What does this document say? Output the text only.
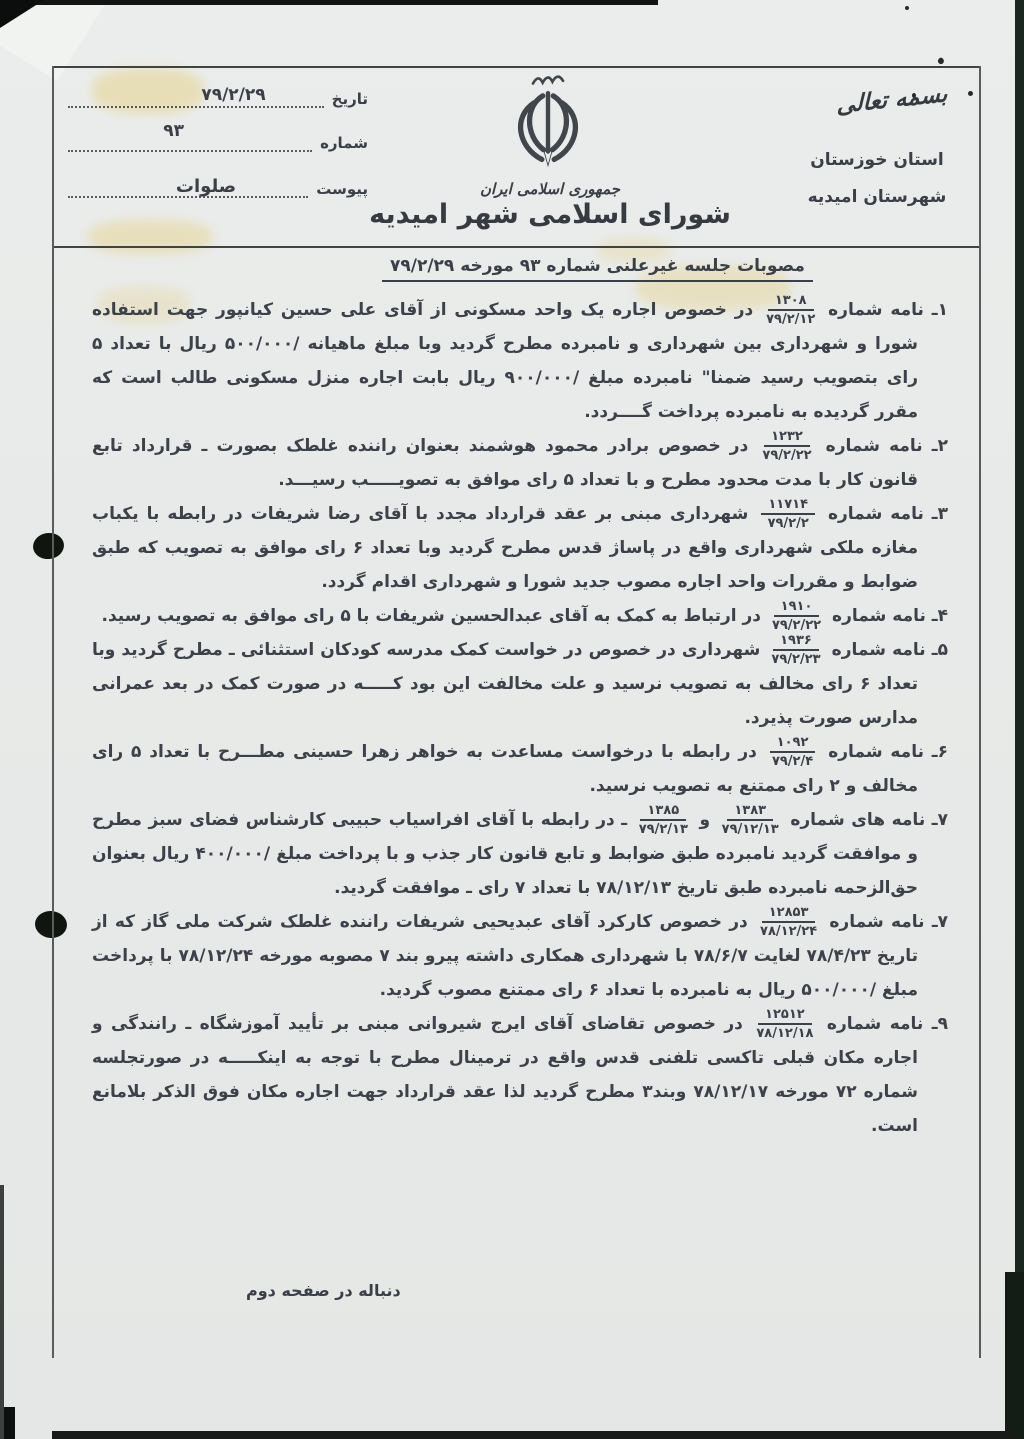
بسمه تعالی
استان خوزستان
شهرستان امیدیه
تاریخ
۷۹/۲/۲۹
شماره
۹۳
پیوست
صلوات	جمهوری اسلامی ایران
شورای اسلامی شهر امیدیه
مصوبات جلسه غیرعلنی شماره ۹۳ مورخه ۷۹/۲/۲۹
۱ـ نامه شماره
$\frac{۱۳۰۸}{۷۹/۲/۱۲}$
در خصوص اجاره یک واحد مسکونی از آقای علی حسین کیانپور جهت استفاده شورا و شهرداری بین شهرداری و نامبرده مطرح گردید وبا مبلغ ماهیانه /۵۰۰/۰۰۰ ریال با تعداد ۵ رای بتصویب رسید ضمنا" نامبرده مبلغ /۹۰۰/۰۰۰ ریال بابت اجاره منزل مسکونی طالب است که مقرر گردیده به نامبرده پرداخت گــــردد.
۲ـ نامه شماره
$\frac{۱۲۳۲}{۷۹/۲/۲۲}$
در خصوص برادر محمود هوشمند بعنوان راننده غلطک بصورت ـ قرارداد تابع قانون کار با مدت محدود مطرح و با تعداد ۵ رای موافق به تصویـــــب رسیـــد.
۳ـ نامه شماره
$\frac{۱۱۷۱۴}{۷۹/۲/۲}$
شهرداری مبنی بر عقد قرارداد مجدد با آقای رضا شریفات در رابطه با یکباب مغازه ملکی شهرداری واقع در پاساژ قدس مطرح گردید وبا تعداد ۶ رای موافق به تصویب که طبق ضوابط و مقررات واحد اجاره مصوب جدید شورا و شهرداری اقدام گردد.
۴ـ نامه شماره
$\frac{۱۹۱۰}{۷۹/۲/۲۲}$
در ارتباط به کمک به آقای عبدالحسین شریفات با ۵ رای موافق به تصویب رسید.
۵ـ نامه شماره
$\frac{۱۹۳۶}{۷۹/۲/۲۳}$
شهرداری در خصوص در خواست کمک مدرسه کودکان استثنائی ـ مطرح گردید وبا تعداد ۶ رای مخالف به تصویب نرسید و علت مخالفت این بود کـــــه در صورت کمک در بعد عمرانی مدارس صورت پذیرد.
۶ـ نامه شماره
$\frac{۱۰۹۲}{۷۹/۲/۴}$
در رابطه با درخواست مساعدت به خواهر زهرا حسینی مطـــرح با تعداد ۵ رای مخالف و ۲ رای ممتنع به تصویب نرسید.
۷ـ نامه های شماره
$\frac{۱۳۸۳}{۷۹/۱۲/۱۳}$
و
$\frac{۱۳۸۵}{۷۹/۲/۱۳}$
ـ در رابطه با آقای افراسیاب حبیبی کارشناس فضای سبز مطرح و موافقت گردید نامبرده طبق ضوابط و تابع قانون کار جذب و با پرداخت مبلغ /۴۰۰/۰۰۰ ریال بعنوان حق‌الزحمه نامبرده طبق تاریخ ۷۸/۱۲/۱۳ با تعداد ۷ رای ـ موافقت گردید.
۷ـ نامه شماره
$\frac{۱۲۸۵۳}{۷۸/۱۲/۲۴}$
در خصوص کارکرد آقای عبدیحیی شریفات راننده غلطک شرکت ملی گاز که از تاریخ ۷۸/۴/۲۳ لغایت ۷۸/۶/۷ با شهرداری همکاری داشته پیرو بند ۷ مصوبه مورخه ۷۸/۱۲/۲۴ با پرداخت مبلغ /۵۰۰/۰۰۰ ریال به نامبرده با تعداد ۶ رای ممتنع مصوب گردید.
۹ـ نامه شماره
$\frac{۱۲۵۱۲}{۷۸/۱۲/۱۸}$
در خصوص تقاضای آقای ایرج شیروانی مبنی بر تأیید آموزشگاه ـ رانندگی و اجاره مکان قبلی تاکسی تلفنی قدس واقع در ترمینال مطرح با توجه به اینکـــــه در صورتجلسه شماره ۷۲ مورخه ۷۸/۱۲/۱۷ وبند۳ مطرح گردید لذا عقد قرارداد جهت اجاره مکان فوق الذکر بلامانع است.
دنباله در صفحه دوم
